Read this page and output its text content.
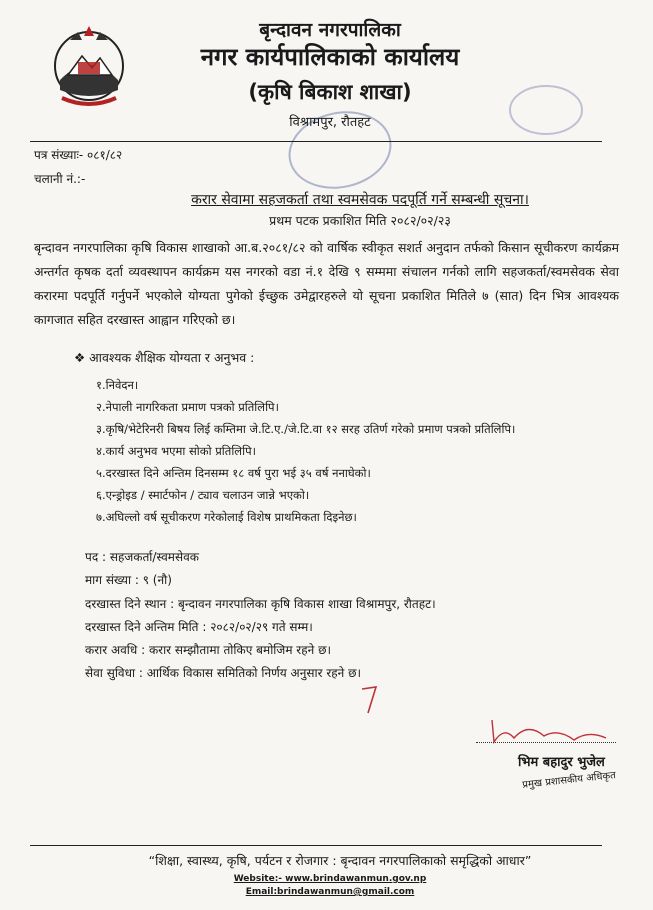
बृन्दावन नगरपालिका
नगर कार्यपालिकाको कार्यालय
(कृषि बिकाश शाखा)
विश्रामपुर, रौतहट
पत्र संख्याः- ०८१/८२
चलानी नं.:-
करार सेवामा सहजकर्ता तथा स्वमसेवक पदपूर्ति गर्ने सम्बन्धी सूचना।
प्रथम पटक प्रकाशित मिति २०८२/०२/२३
बृन्दावन नगरपालिका कृषि विकास शाखाको आ.ब.२०८१/८२ को वार्षिक स्वीकृत सशर्त अनुदान तर्फको किसान सूचीकरण कार्यक्रम अन्तर्गत कृषक दर्ता व्यवस्थापन कार्यक्रम यस नगरको वडा नं.१ देखि ९ सम्ममा संचालन गर्नको लागि सहजकर्ता/स्वमसेवक सेवा करारमा पदपूर्ति गर्नुपर्ने भएकोले योग्यता पुगेको ईच्छुक उमेद्वारहरुले यो सूचना प्रकाशित मितिले ७ (सात) दिन भित्र आवश्यक कागजात सहित दरखास्त आह्वान गरिएको छ।
❖ आवश्यक शैक्षिक योग्यता र अनुभव :
१.निवेदन।
२.नेपाली नागरिकता प्रमाण पत्रको प्रतिलिपि।
३.कृषि/भेटेरिनरी बिषय लिई कम्तिमा जे.टि.ए./जे.टि.वा १२ सरह उतिर्ण गरेको प्रमाण पत्रको प्रतिलिपि।
४.कार्य अनुभव भएमा सोको प्रतिलिपि।
५.दरखास्त दिने अन्तिम दिनसम्म १८ वर्ष पुरा भई ३५ वर्ष ननाघेको।
६.एन्ड्रोइड / स्मार्टफोन / ट्याव चलाउन जान्ने भएको।
७.अघिल्लो वर्ष सूचीकरण गरेकोलाई विशेष प्राथमिकता दिइनेछ।
पद : सहजकर्ता/स्वमसेवक
माग संख्या : ९ (नौ)
दरखास्त दिने स्थान : बृन्दावन नगरपालिका कृषि विकास शाखा विश्रामपुर, रौतहट।
दरखास्त दिने अन्तिम मिति : २०८२/०२/२९ गते सम्म।
करार अवधि : करार सम्झौतामा तोकिए बमोजिम रहने छ।
सेवा सुविधा : आर्थिक विकास समितिको निर्णय अनुसार रहने छ।
भिम बहादुर भुजेल
प्रमुख प्रशासकीय अधिकृत
“शिक्षा, स्वास्थ्य, कृषि, पर्यटन र रोजगार : बृन्दावन नगरपालिकाको समृद्धिको आधार”
Website:- www.brindawanmun.gov.np
Email:brindawanmun@gmail.com
